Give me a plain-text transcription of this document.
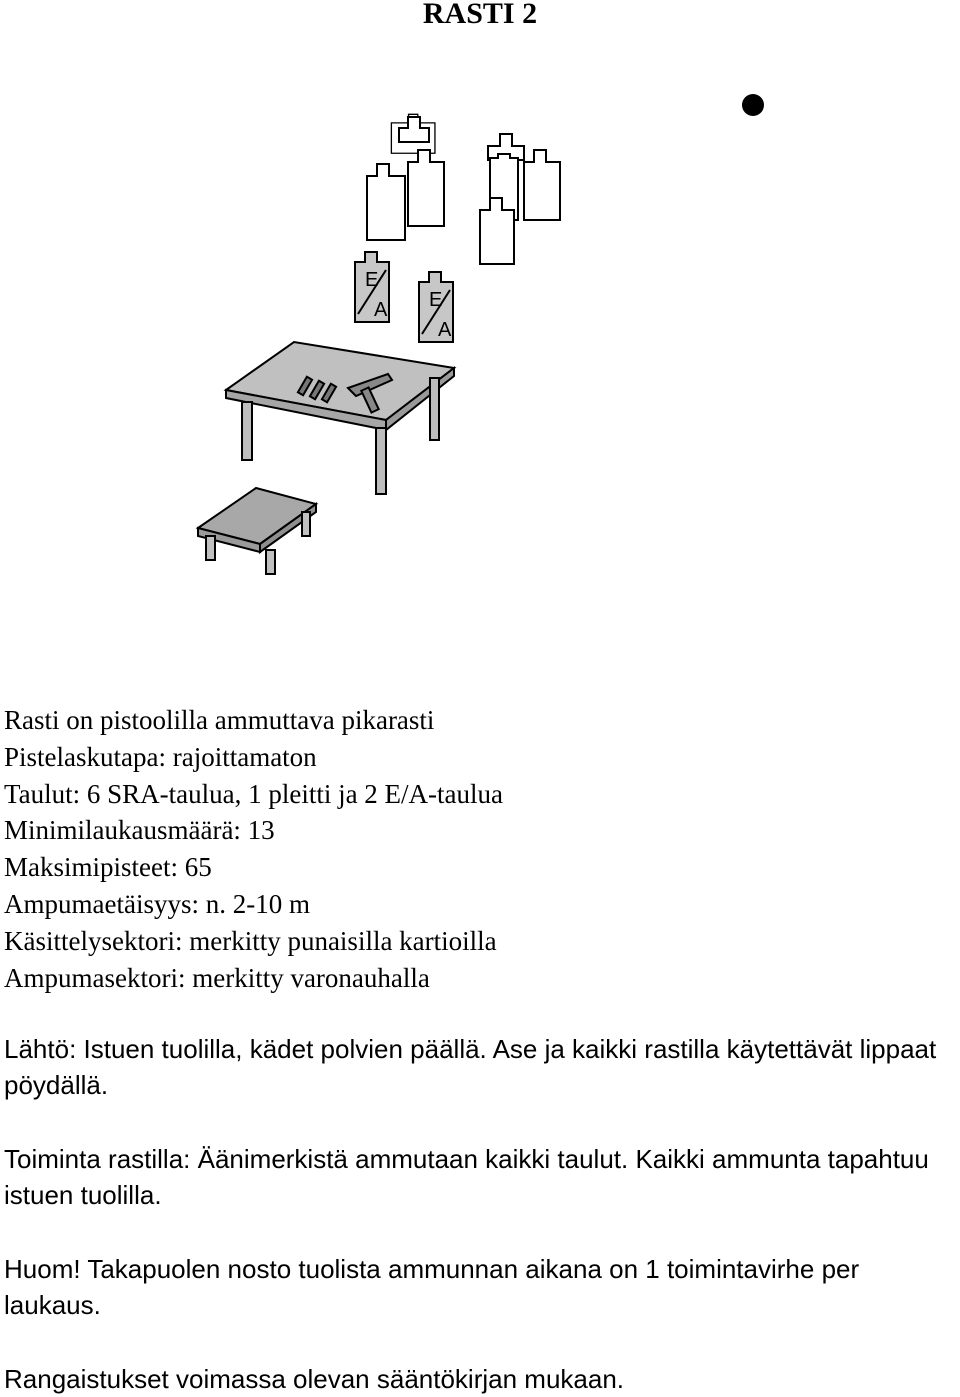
RASTI 2
E
A E
A
Rasti on pistoolilla ammuttava pikarasti
Pistelaskutapa: rajoittamaton
Taulut: 6 SRA-taulua, 1 pleitti ja 2 E/A-taulua
Minimilaukausmäärä: 13
Maksimipisteet: 65
Ampumaetäisyys: n. 2-10 m
Käsittelysektori: merkitty punaisilla kartioilla
Ampumasektori: merkitty varonauhalla
Lähtö: Istuen tuolilla, kädet polvien päällä. Ase ja kaikki rastilla käytettävät lippaat pöydällä.
Toiminta rastilla: Äänimerkistä ammutaan kaikki taulut. Kaikki ammunta tapahtuu istuen tuolilla.
Huom! Takapuolen nosto tuolista ammunnan aikana on 1 toimintavirhe per laukaus.
Rangaistukset voimassa olevan sääntökirjan mukaan.
